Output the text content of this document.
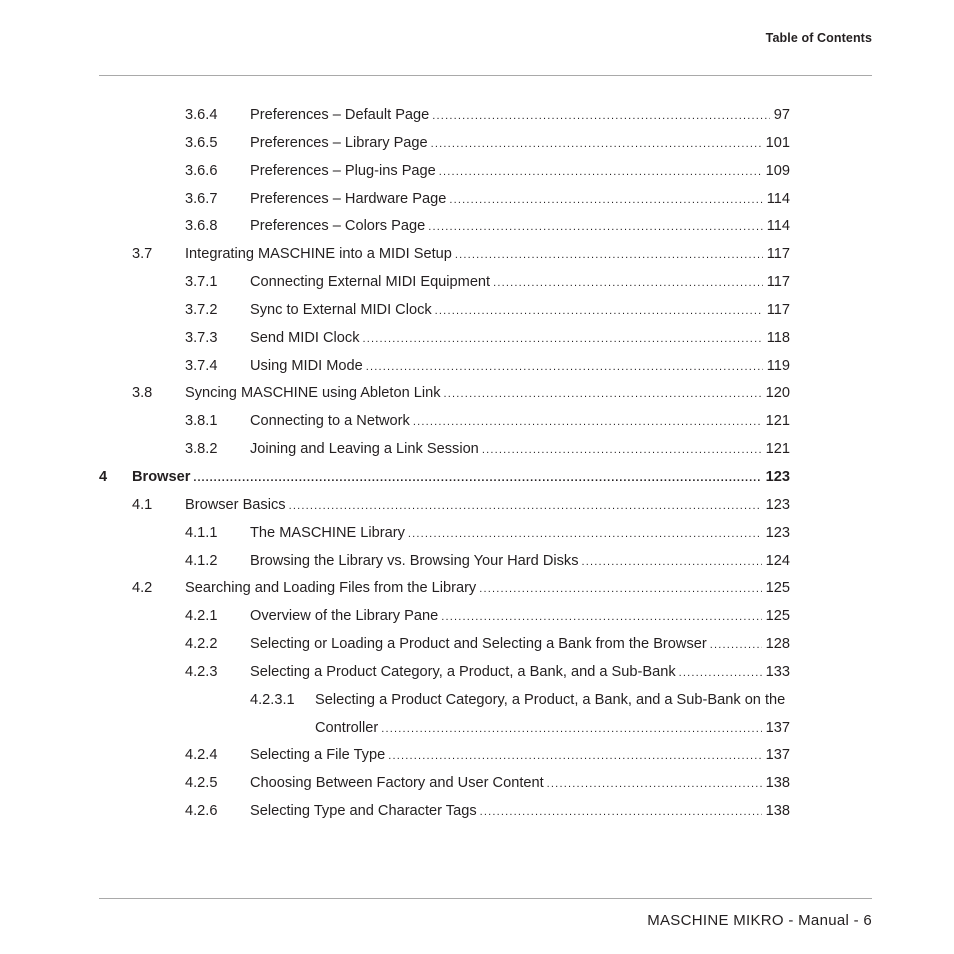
Table of Contents
3.6.4 Preferences – Default Page .....	97
3.6.5 Preferences – Library Page .....	101
3.6.6 Preferences – Plug-ins Page .....	109
3.6.7 Preferences – Hardware Page .....	114
3.6.8 Preferences – Colors Page .....	114
3.7 Integrating MASCHINE into a MIDI Setup .....	117
3.7.1 Connecting External MIDI Equipment .....	117
3.7.2 Sync to External MIDI Clock .....	117
3.7.3 Send MIDI Clock .....	118
3.7.4 Using MIDI Mode .....	119
3.8 Syncing MASCHINE using Ableton Link .....	120
3.8.1 Connecting to a Network .....	121
3.8.2 Joining and Leaving a Link Session .....	121
4 Browser .....	123
4.1 Browser Basics .....	123
4.1.1 The MASCHINE Library .....	123
4.1.2 Browsing the Library vs. Browsing Your Hard Disks .....	124
4.2 Searching and Loading Files from the Library .....	125
4.2.1 Overview of the Library Pane .....	125
4.2.2 Selecting or Loading a Product and Selecting a Bank from the Browser .....	128
4.2.3 Selecting a Product Category, a Product, a Bank, and a Sub-Bank .....	133
4.2.3.1 Selecting a Product Category, a Product, a Bank, and a Sub-Bank on the
Controller .....	137
4.2.4 Selecting a File Type .....	137
4.2.5 Choosing Between Factory and User Content .....	138
4.2.6 Selecting Type and Character Tags .....	138
MASCHINE MIKRO - Manual - 6
